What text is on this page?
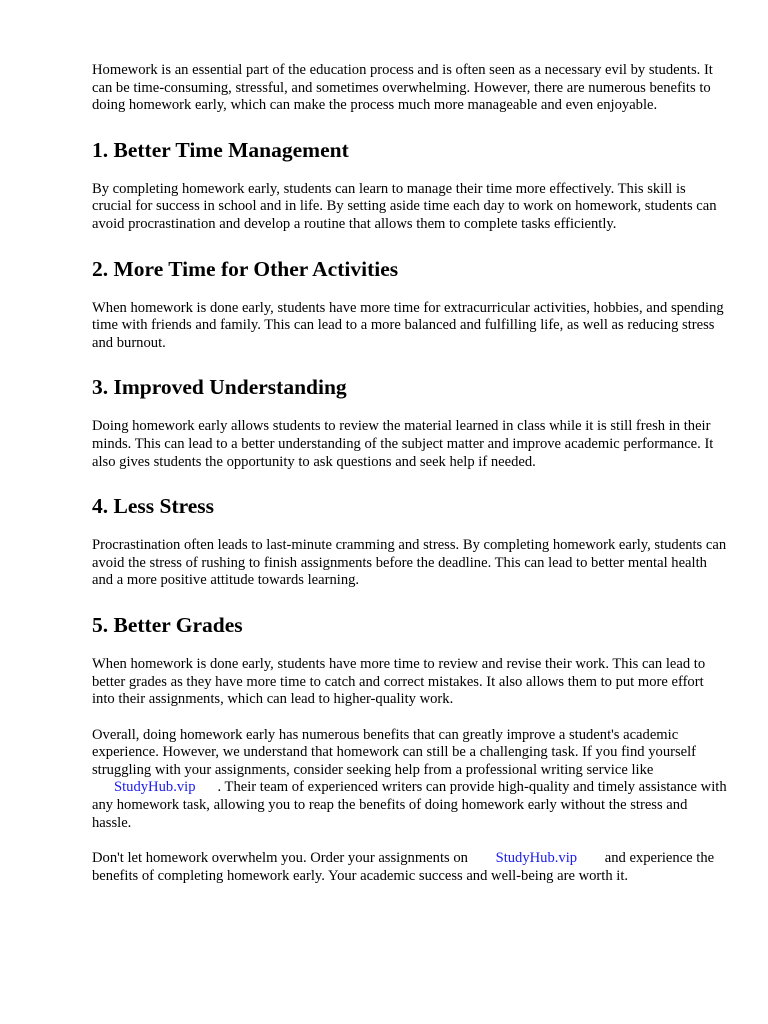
Homework is an essential part of the education process and is often seen as a necessary evil by students. It can be time-consuming, stressful, and sometimes overwhelming. However, there are numerous benefits to doing homework early, which can make the process much more manageable and even enjoyable.

1. Better Time Management

By completing homework early, students can learn to manage their time more effectively. This skill is crucial for success in school and in life. By setting aside time each day to work on homework, students can avoid procrastination and develop a routine that allows them to complete tasks efficiently.

2. More Time for Other Activities

When homework is done early, students have more time for extracurricular activities, hobbies, and spending time with friends and family. This can lead to a more balanced and fulfilling life, as well as reducing stress and burnout.

3. Improved Understanding

Doing homework early allows students to review the material learned in class while it is still fresh in their minds. This can lead to a better understanding of the subject matter and improve academic performance. It also gives students the opportunity to ask questions and seek help if needed.

4. Less Stress

Procrastination often leads to last-minute cramming and stress. By completing homework early, students can avoid the stress of rushing to finish assignments before the deadline. This can lead to better mental health and a more positive attitude towards learning.

5. Better Grades

When homework is done early, students have more time to review and revise their work. This can lead to better grades as they have more time to catch and correct mistakes. It also allows them to put more effort into their assignments, which can lead to higher-quality work.

Overall, doing homework early has numerous benefits that can greatly improve a student's academic experience. However, we understand that homework can still be a challenging task. If you find yourself struggling with your assignments, consider seeking help from a professional writing service like StudyHub.vip . Their team of experienced writers can provide high-quality and timely assistance with any homework task, allowing you to reap the benefits of doing homework early without the stress and hassle.

Don't let homework overwhelm you. Order your assignments on StudyHub.vip and experience the benefits of completing homework early. Your academic success and well-being are worth it.
